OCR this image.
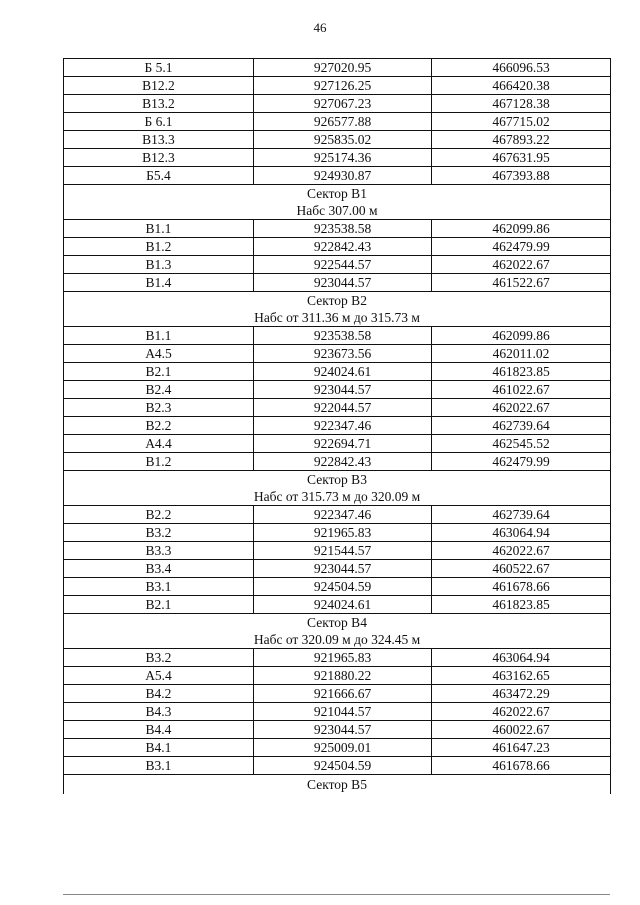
46
Б 5.1	927020.95	466096.53
В12.2	927126.25	466420.38
В13.2	927067.23	467128.38
Б 6.1	926577.88	467715.02
В13.3	925835.02	467893.22
В12.3	925174.36	467631.95
Б5.4	924930.87	467393.88
Сектор В1		
Набс 307.00 м		
В1.1	923538.58	462099.86
В1.2	922842.43	462479.99
В1.3	922544.57	462022.67
В1.4	923044.57	461522.67
Сектор В2		
Набс от 311.36 м до 315.73 м		
В1.1	923538.58	462099.86
А4.5	923673.56	462011.02
В2.1	924024.61	461823.85
В2.4	923044.57	461022.67
В2.3	922044.57	462022.67
В2.2	922347.46	462739.64
А4.4	922694.71	462545.52
В1.2	922842.43	462479.99
Сектор В3		
Набс от 315.73 м до 320.09 м		
В2.2	922347.46	462739.64
В3.2	921965.83	463064.94
В3.3	921544.57	462022.67
В3.4	923044.57	460522.67
В3.1	924504.59	461678.66
В2.1	924024.61	461823.85
Сектор В4		
Набс от 320.09 м до 324.45 м		
В3.2	921965.83	463064.94
А5.4	921880.22	463162.65
В4.2	921666.67	463472.29
В4.3	921044.57	462022.67
В4.4	923044.57	460022.67
В4.1	925009.01	461647.23
В3.1	924504.59	461678.66
Сектор В5		
